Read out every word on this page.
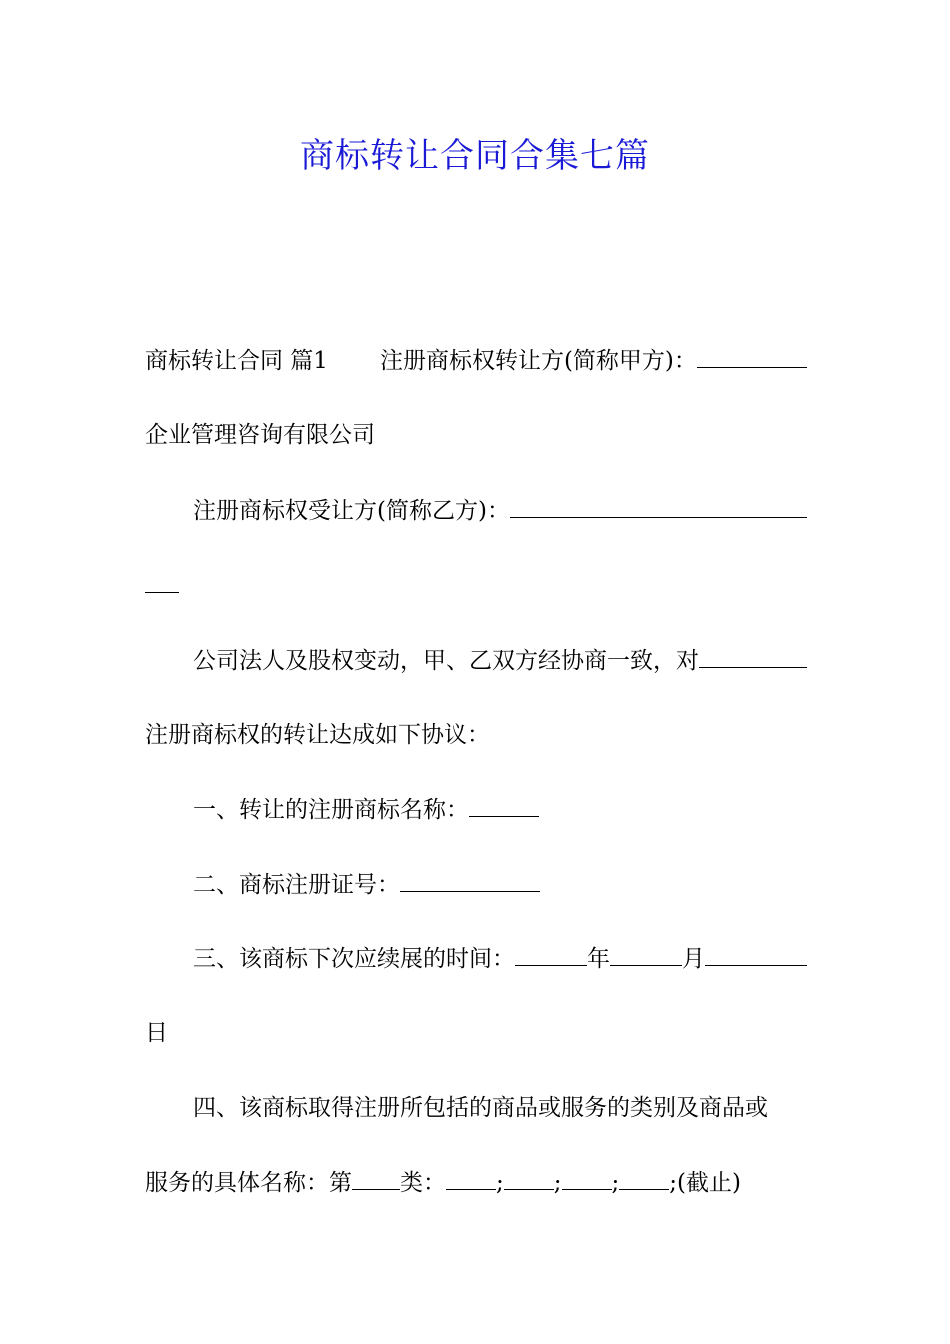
商标转让合同合集七篇
商标转让合同 篇1 注册商标权转让方(简称甲方)：
企业管理咨询有限公司
注册商标权受让方(简称乙方)：
公司法人及股权变动，甲、乙双方经协商一致，对
注册商标权的转让达成如下协议：
一、转让的注册商标名称：
二、商标注册证号：
三、该商标下次应续展的时间：	年	月
日
四、该商标取得注册所包括的商品或服务的类别及商品或
服务的具体名称：第 类： ; ; ; ;(截止)
